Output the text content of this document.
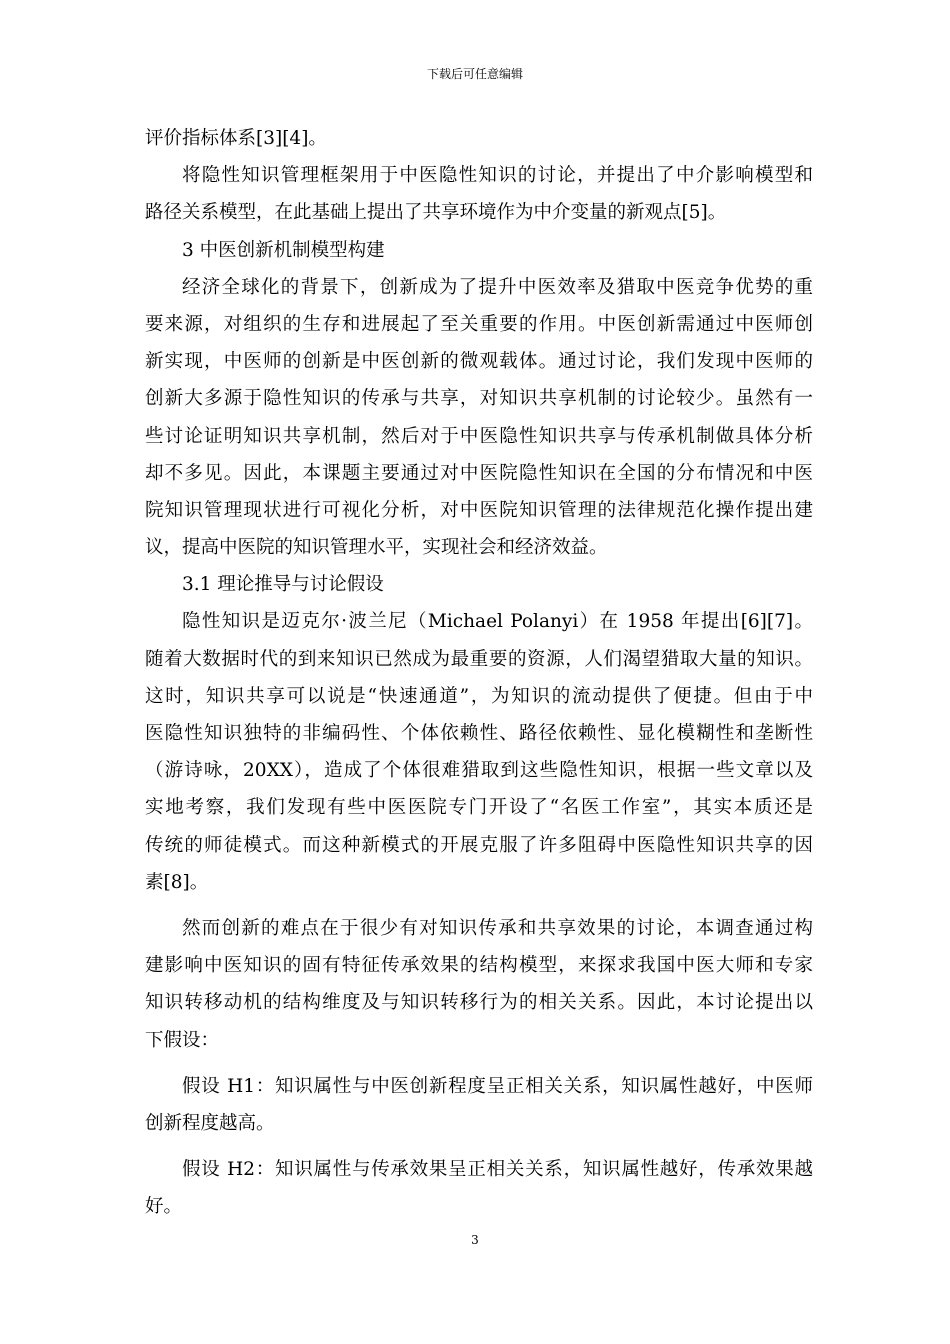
下载后可任意编辑
评价指标体系[3][4]。
将隐性知识管理框架用于中医隐性知识的讨论，并提出了中介影响模型和
路径关系模型，在此基础上提出了共享环境作为中介变量的新观点[5]。
3 中医创新机制模型构建
经济全球化的背景下，创新成为了提升中医效率及猎取中医竞争优势的重
要来源，对组织的生存和进展起了至关重要的作用。中医创新需通过中医师创
新实现，中医师的创新是中医创新的微观载体。通过讨论，我们发现中医师的
创新大多源于隐性知识的传承与共享，对知识共享机制的讨论较少。虽然有一
些讨论证明知识共享机制，然后对于中医隐性知识共享与传承机制做具体分析
却不多见。因此，本课题主要通过对中医院隐性知识在全国的分布情况和中医
院知识管理现状进行可视化分析，对中医院知识管理的法律规范化操作提出建
议，提高中医院的知识管理水平，实现社会和经济效益。
3.1 理论推导与讨论假设
隐性知识是迈克尔·波兰尼（Michael Polanyi）在 1958 年提出[6][7]。
随着大数据时代的到来知识已然成为最重要的资源，人们渴望猎取大量的知识。
这时，知识共享可以说是“快速通道”，为知识的流动提供了便捷。但由于中
医隐性知识独特的非编码性、个体依赖性、路径依赖性、显化模糊性和垄断性
（游诗咏，20XX），造成了个体很难猎取到这些隐性知识，根据一些文章以及
实地考察，我们发现有些中医医院专门开设了“名医工作室”，其实本质还是
传统的师徒模式。而这种新模式的开展克服了许多阻碍中医隐性知识共享的因
素[8]。
然而创新的难点在于很少有对知识传承和共享效果的讨论，本调查通过构
建影响中医知识的固有特征传承效果的结构模型，来探求我国中医大师和专家
知识转移动机的结构维度及与知识转移行为的相关关系。因此，本讨论提出以
下假设：
假设 H1：知识属性与中医创新程度呈正相关关系，知识属性越好，中医师
创新程度越高。
假设 H2：知识属性与传承效果呈正相关关系，知识属性越好，传承效果越
好。
3
